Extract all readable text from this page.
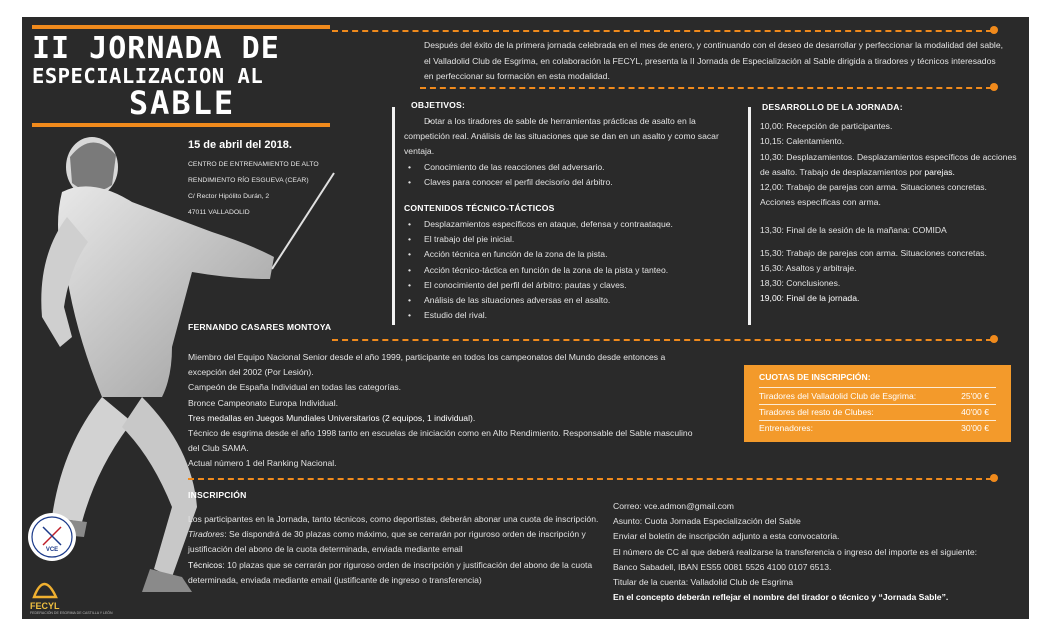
II JORNADA DE
ESPECIALIZACION AL
SABLE
15 de abril del 2018.
CENTRO DE ENTRENAMIENTO DE ALTO
RENDIMIENTO RÍO ESGUEVA (CEAR)
C/ Rector Hipólito Durán, 2
47011 VALLADOLID
Después del éxito de la primera jornada celebrada en el mes de enero, y continuando con el deseo de desarrollar y perfeccionar la modalidad del sable, el Valladolid Club de Esgrima, en colaboración la FECYL, presenta la II Jornada de Especialización al Sable dirigida a tiradores y técnicos interesados en perfeccionar su formación en esta modalidad.
OBJETIVOS:
• Dotar a los tiradores de sable de herramientas prácticas de asalto en la competición real. Análisis de las situaciones que se dan en un asalto y como sacar ventaja.
• Conocimiento de las reacciones del adversario.
• Claves para conocer el perfil decisorio del árbitro.
CONTENIDOS TÉCNICO-TÁCTICOS
• Desplazamientos específicos en ataque, defensa y contraataque.
• El trabajo del pie inicial.
• Acción técnica en función de la zona de la pista.
• Acción técnico-táctica en función de la zona de la pista y tanteo.
• El conocimiento del perfil del árbitro: pautas y claves.
• Análisis de las situaciones adversas en el asalto.
• Estudio del rival.
DESARROLLO DE LA JORNADA:
10,00: Recepción de participantes.
10,15: Calentamiento.
10,30: Desplazamientos. Desplazamientos específicos de acciones de asalto. Trabajo de desplazamientos por parejas.
12,00: Trabajo de parejas con arma. Situaciones concretas. Acciones específicas con arma.
13,30: Final de la sesión de la mañana: COMIDA
15,30: Trabajo de parejas con arma. Situaciones concretas.
16,30: Asaltos y arbitraje.
18,30: Conclusiones.
19,00: Final de la jornada.
FERNANDO CASARES MONTOYA
Miembro del Equipo Nacional Senior desde el año 1999, participante en todos los campeonatos del Mundo desde entonces a excepción del 2002 (Por Lesión).
Campeón de España Individual en todas las categorías.
Bronce Campeonato Europa Individual.
Tres medallas en Juegos Mundiales Universitarios (2 equipos, 1 individual).
Técnico de esgrima desde el año 1998 tanto en escuelas de iniciación como en Alto Rendimiento. Responsable del Sable masculino del Club SAMA.
Actual número 1 del Ranking Nacional.
CUOTAS DE INSCRIPCIÓN:
Tiradores del Valladolid Club de Esgrima:	25'00 €
Tiradores del resto de Clubes:	40'00 €
Entrenadores:	30'00 €
INSCRIPCIÓN
Los participantes en la Jornada, tanto técnicos, como deportistas, deberán abonar una cuota de inscripción.
Tiradores: Se dispondrá de 30 plazas como máximo, que se cerrarán por riguroso orden de inscripción y justificación del abono de la cuota determinada, enviada mediante email
Técnicos: 10 plazas que se cerrarán por riguroso orden de inscripción y justificación del abono de la cuota determinada, enviada mediante email (justificante de ingreso o transferencia)
Correo: vce.admon@gmail.com
Asunto: Cuota Jornada Especialización del Sable
Enviar el boletín de inscripción adjunto a esta convocatoria.
El número de CC al que deberá realizarse la transferencia o ingreso del importe es el siguiente: Banco Sabadell, IBAN ES55 0081 5526 4100 0107 6513.
Titular de la cuenta: Valladolid Club de Esgrima
En el concepto deberán reflejar el nombre del tirador o técnico y “Jornada Sable”.
VCE
FECYL
FEDERACIÓN DE ESGRIMA DE CASTILLA Y LEÓN
